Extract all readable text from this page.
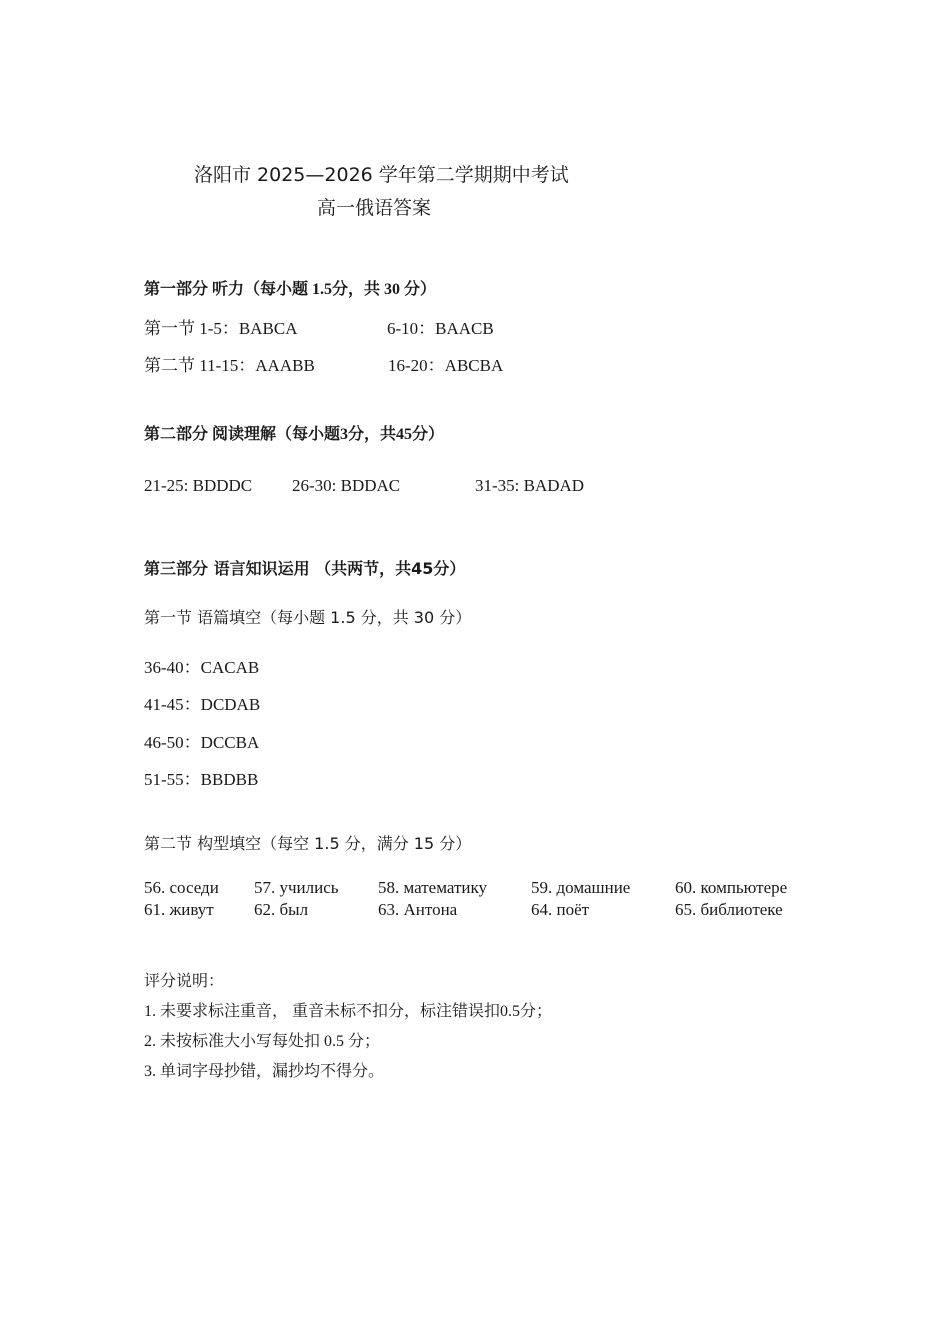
洛阳市 2025—2026 学年第二学期期中考试
高一俄语答案
第一部分 听力（每小题 1.5分，共 30 分）
第一节 1-5：BABCA	6-10：BAACB
第二节 11-15：AAABB	16-20：ABCBA
第二部分 阅读理解（每小题3分，共45分）
21-25: BDDDC 26-30: BDDAC	31-35: BADAD
第三部分 语言知识运用 （共两节，共45分）
第一节 语篇填空（每小题 1.5 分，共 30 分）
36-40：CACAB
41-45：DCDAB
46-50：DCCBA
51-55：BBDBB
第二节 构型填空（每空 1.5 分，满分 15 分）
56. соседи 57. учились 58. математику	59. домашние	60. компьютере
61. живут 62. был	63. Антона	64. поёт	65. библиотеке
评分说明：
1. 未要求标注重音， 重音未标不扣分，标注错误扣0.5分；
2. 未按标准大小写每处扣 0.5 分；
3. 单词字母抄错，漏抄均不得分。
